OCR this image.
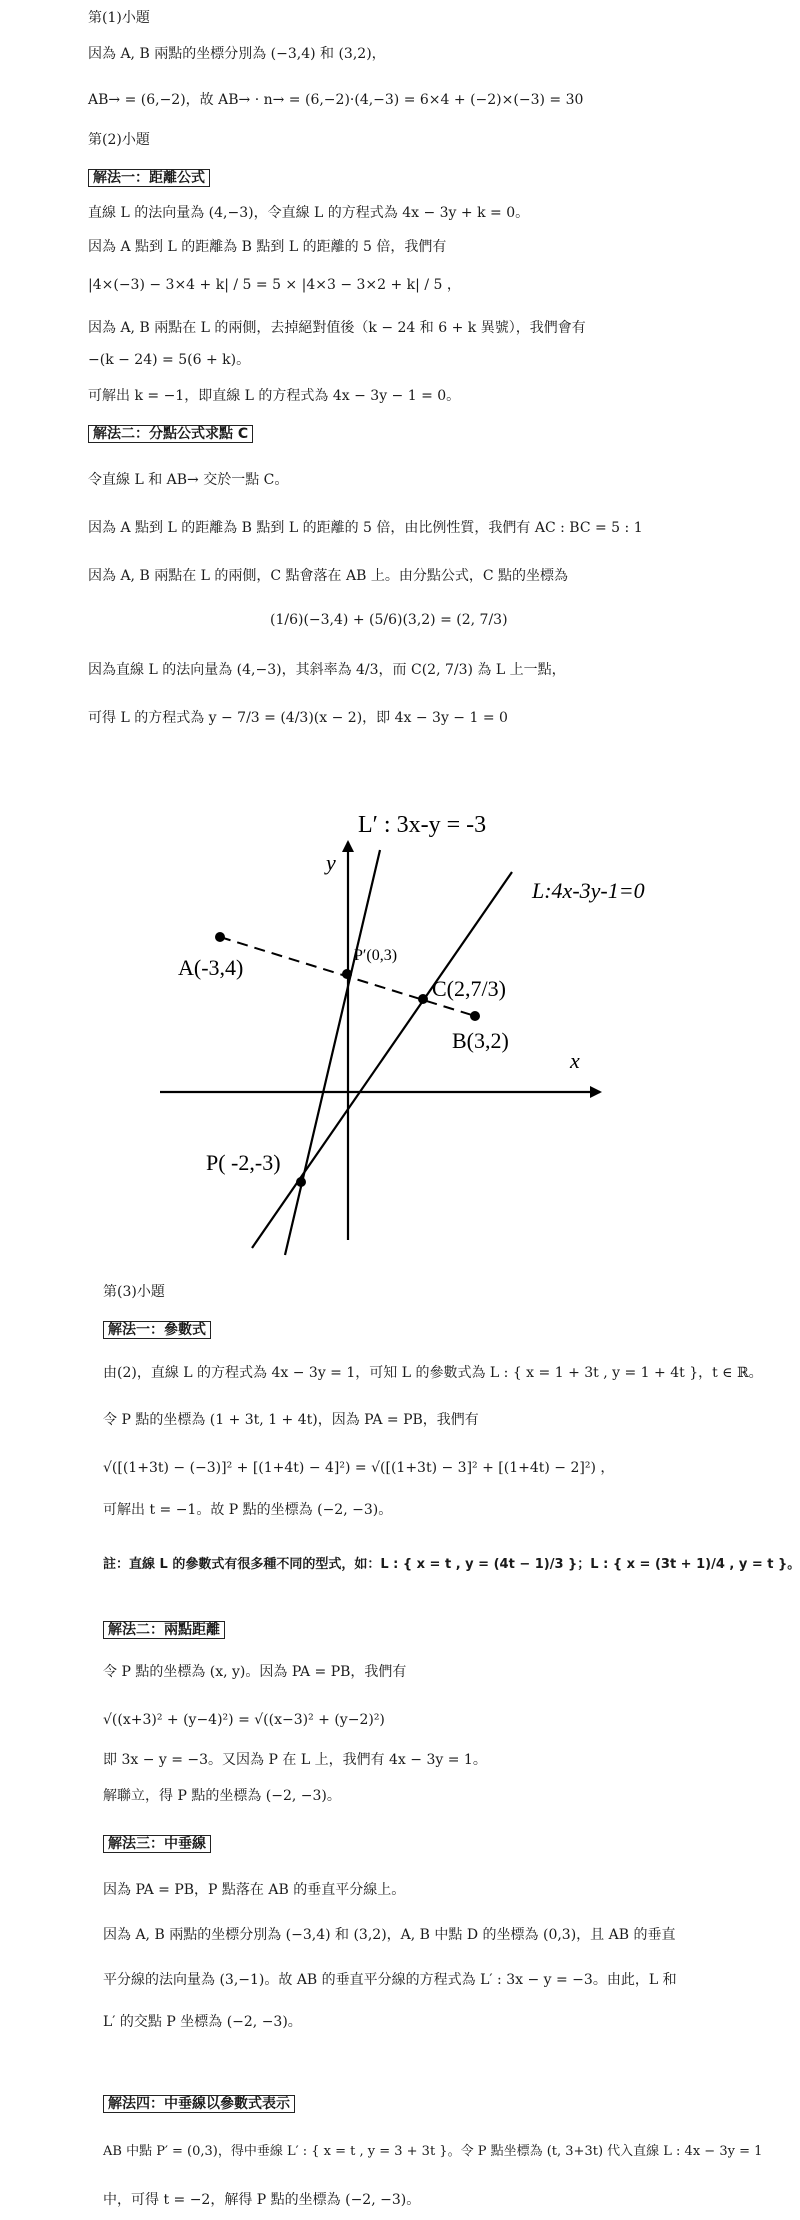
第(1)小題
因為 A, B 兩點的坐標分別為 (−3,4) 和 (3,2)，
AB→ = (6,−2)，故 AB→ · n→ = (6,−2)·(4,−3) = 6×4 + (−2)×(−3) = 30
第(2)小題
解法一：距離公式
直線 L 的法向量為 (4,−3)，令直線 L 的方程式為 4x − 3y + k = 0。
因為 A 點到 L 的距離為 B 點到 L 的距離的 5 倍，我們有
|4×(−3) − 3×4 + k| / 5 = 5 × |4×3 − 3×2 + k| / 5 ，
因為 A, B 兩點在 L 的兩側，去掉絕對值後（k − 24 和 6 + k 異號），我們會有
−(k − 24) = 5(6 + k)。
可解出 k = −1，即直線 L 的方程式為 4x − 3y − 1 = 0。
解法二：分點公式求點 C
令直線 L 和 AB→ 交於一點 C。
因為 A 點到 L 的距離為 B 點到 L 的距離的 5 倍，由比例性質，我們有 AC : BC = 5 : 1
因為 A, B 兩點在 L 的兩側，C 點會落在 AB 上。由分點公式，C 點的坐標為
(1/6)(−3,4) + (5/6)(3,2) = (2, 7/3)
因為直線 L 的法向量為 (4,−3)，其斜率為 4/3，而 C(2, 7/3) 為 L 上一點，
可得 L 的方程式為 y − 7/3 = (4/3)(x − 2)，即 4x − 3y − 1 = 0
L′ : 3x-y = -3
L:4x-3y-1=0
y
x
A(-3,4)
B(3,2)
P′(0,3)
C(2,7/3)
P( -2,-3)
第(3)小題
解法一：參數式
由(2)，直線 L 的方程式為 4x − 3y = 1，可知 L 的參數式為 L : { x = 1 + 3t , y = 1 + 4t }，t ∈ ℝ。
令 P 點的坐標為 (1 + 3t, 1 + 4t)，因為 PA = PB，我們有
√([(1+3t) − (−3)]² + [(1+4t) − 4]²) = √([(1+3t) − 3]² + [(1+4t) − 2]²) ，
可解出 t = −1。故 P 點的坐標為 (−2, −3)。
註：直線 L 的參數式有很多種不同的型式，如：L : { x = t , y = (4t − 1)/3 }；L : { x = (3t + 1)/4 , y = t }。
解法二：兩點距離
令 P 點的坐標為 (x, y)。因為 PA = PB，我們有
√((x+3)² + (y−4)²) = √((x−3)² + (y−2)²)
即 3x − y = −3。又因為 P 在 L 上，我們有 4x − 3y = 1。
解聯立，得 P 點的坐標為 (−2, −3)。
解法三：中垂線
因為 PA = PB，P 點落在 AB 的垂直平分線上。
因為 A, B 兩點的坐標分別為 (−3,4) 和 (3,2)，A, B 中點 D 的坐標為 (0,3)，且 AB 的垂直
平分線的法向量為 (3,−1)。故 AB 的垂直平分線的方程式為 L′ : 3x − y = −3。由此，L 和
L′ 的交點 P 坐標為 (−2, −3)。
解法四：中垂線以參數式表示
AB 中點 P′ = (0,3)，得中垂線 L′ : { x = t , y = 3 + 3t }。令 P 點坐標為 (t, 3+3t) 代入直線 L : 4x − 3y = 1
中，可得 t = −2，解得 P 點的坐標為 (−2, −3)。
